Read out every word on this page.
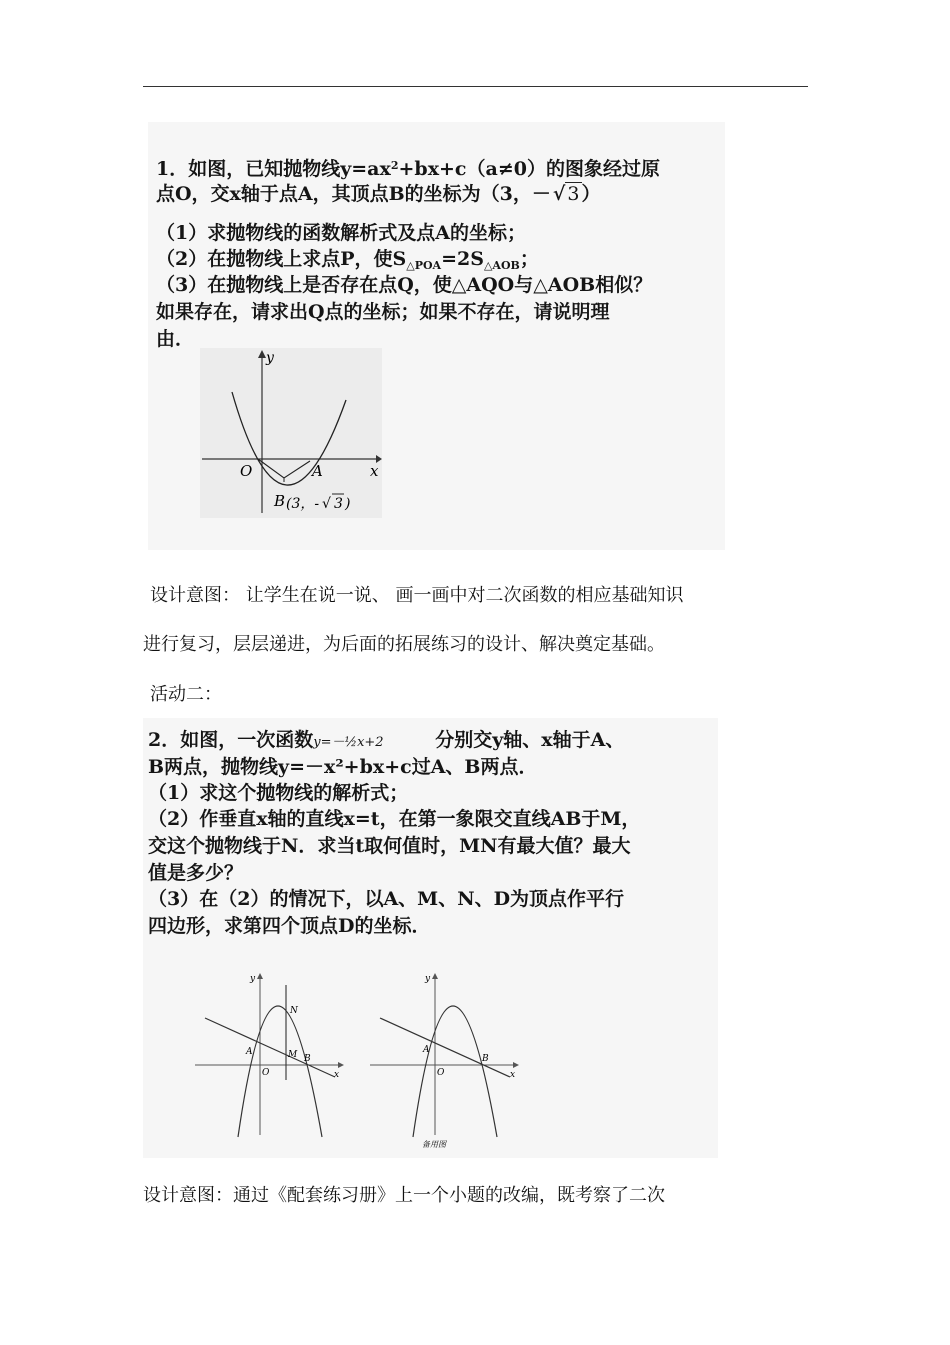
1．如图，已知抛物线$y=ax^2+bx+c(a\ne 0)$的图象经过原
点O，交x轴于点A，其顶点B的坐标为（3，－ √ 3 ）
（1）求抛物线的函数解析式及点A的坐标；
（2）在抛物线上求点P，使$S_{\triangle POA}=2S_{\triangle AOB}$；
（3）在抛物线上是否存在点Q，使△AQO与△AOB相似？
如果存在，请求出Q点的坐标；如果不存在，请说明理
由．
y
x
O	A
B (3，- √ 3 )
设计意图： 让学生在说一说、 画一画中对二次函数的相应基础知识
进行复习，层层递进，为后面的拓展练习的设计、解决奠定基础。
活动二：
2．如图，一次函数y=－½x+2	分别交y轴、x轴于A、
B两点，抛物线y=－x²+bx+c过A、B两点．
（1）求这个抛物线的解析式；
（2）作垂直x轴的直线x=t，在第一象限交直线AB于M，
交这个抛物线于N．求当t取何值时，MN有最大值？最大
值是多少？
（3）在（2）的情况下，以A、M、N、D为顶点作平行
四边形，求第四个顶点D的坐标．
y
x
O
A
B
M
N
y
x
O
A
B
备用图
设计意图：通过《配套练习册》上一个小题的改编，既考察了二次
